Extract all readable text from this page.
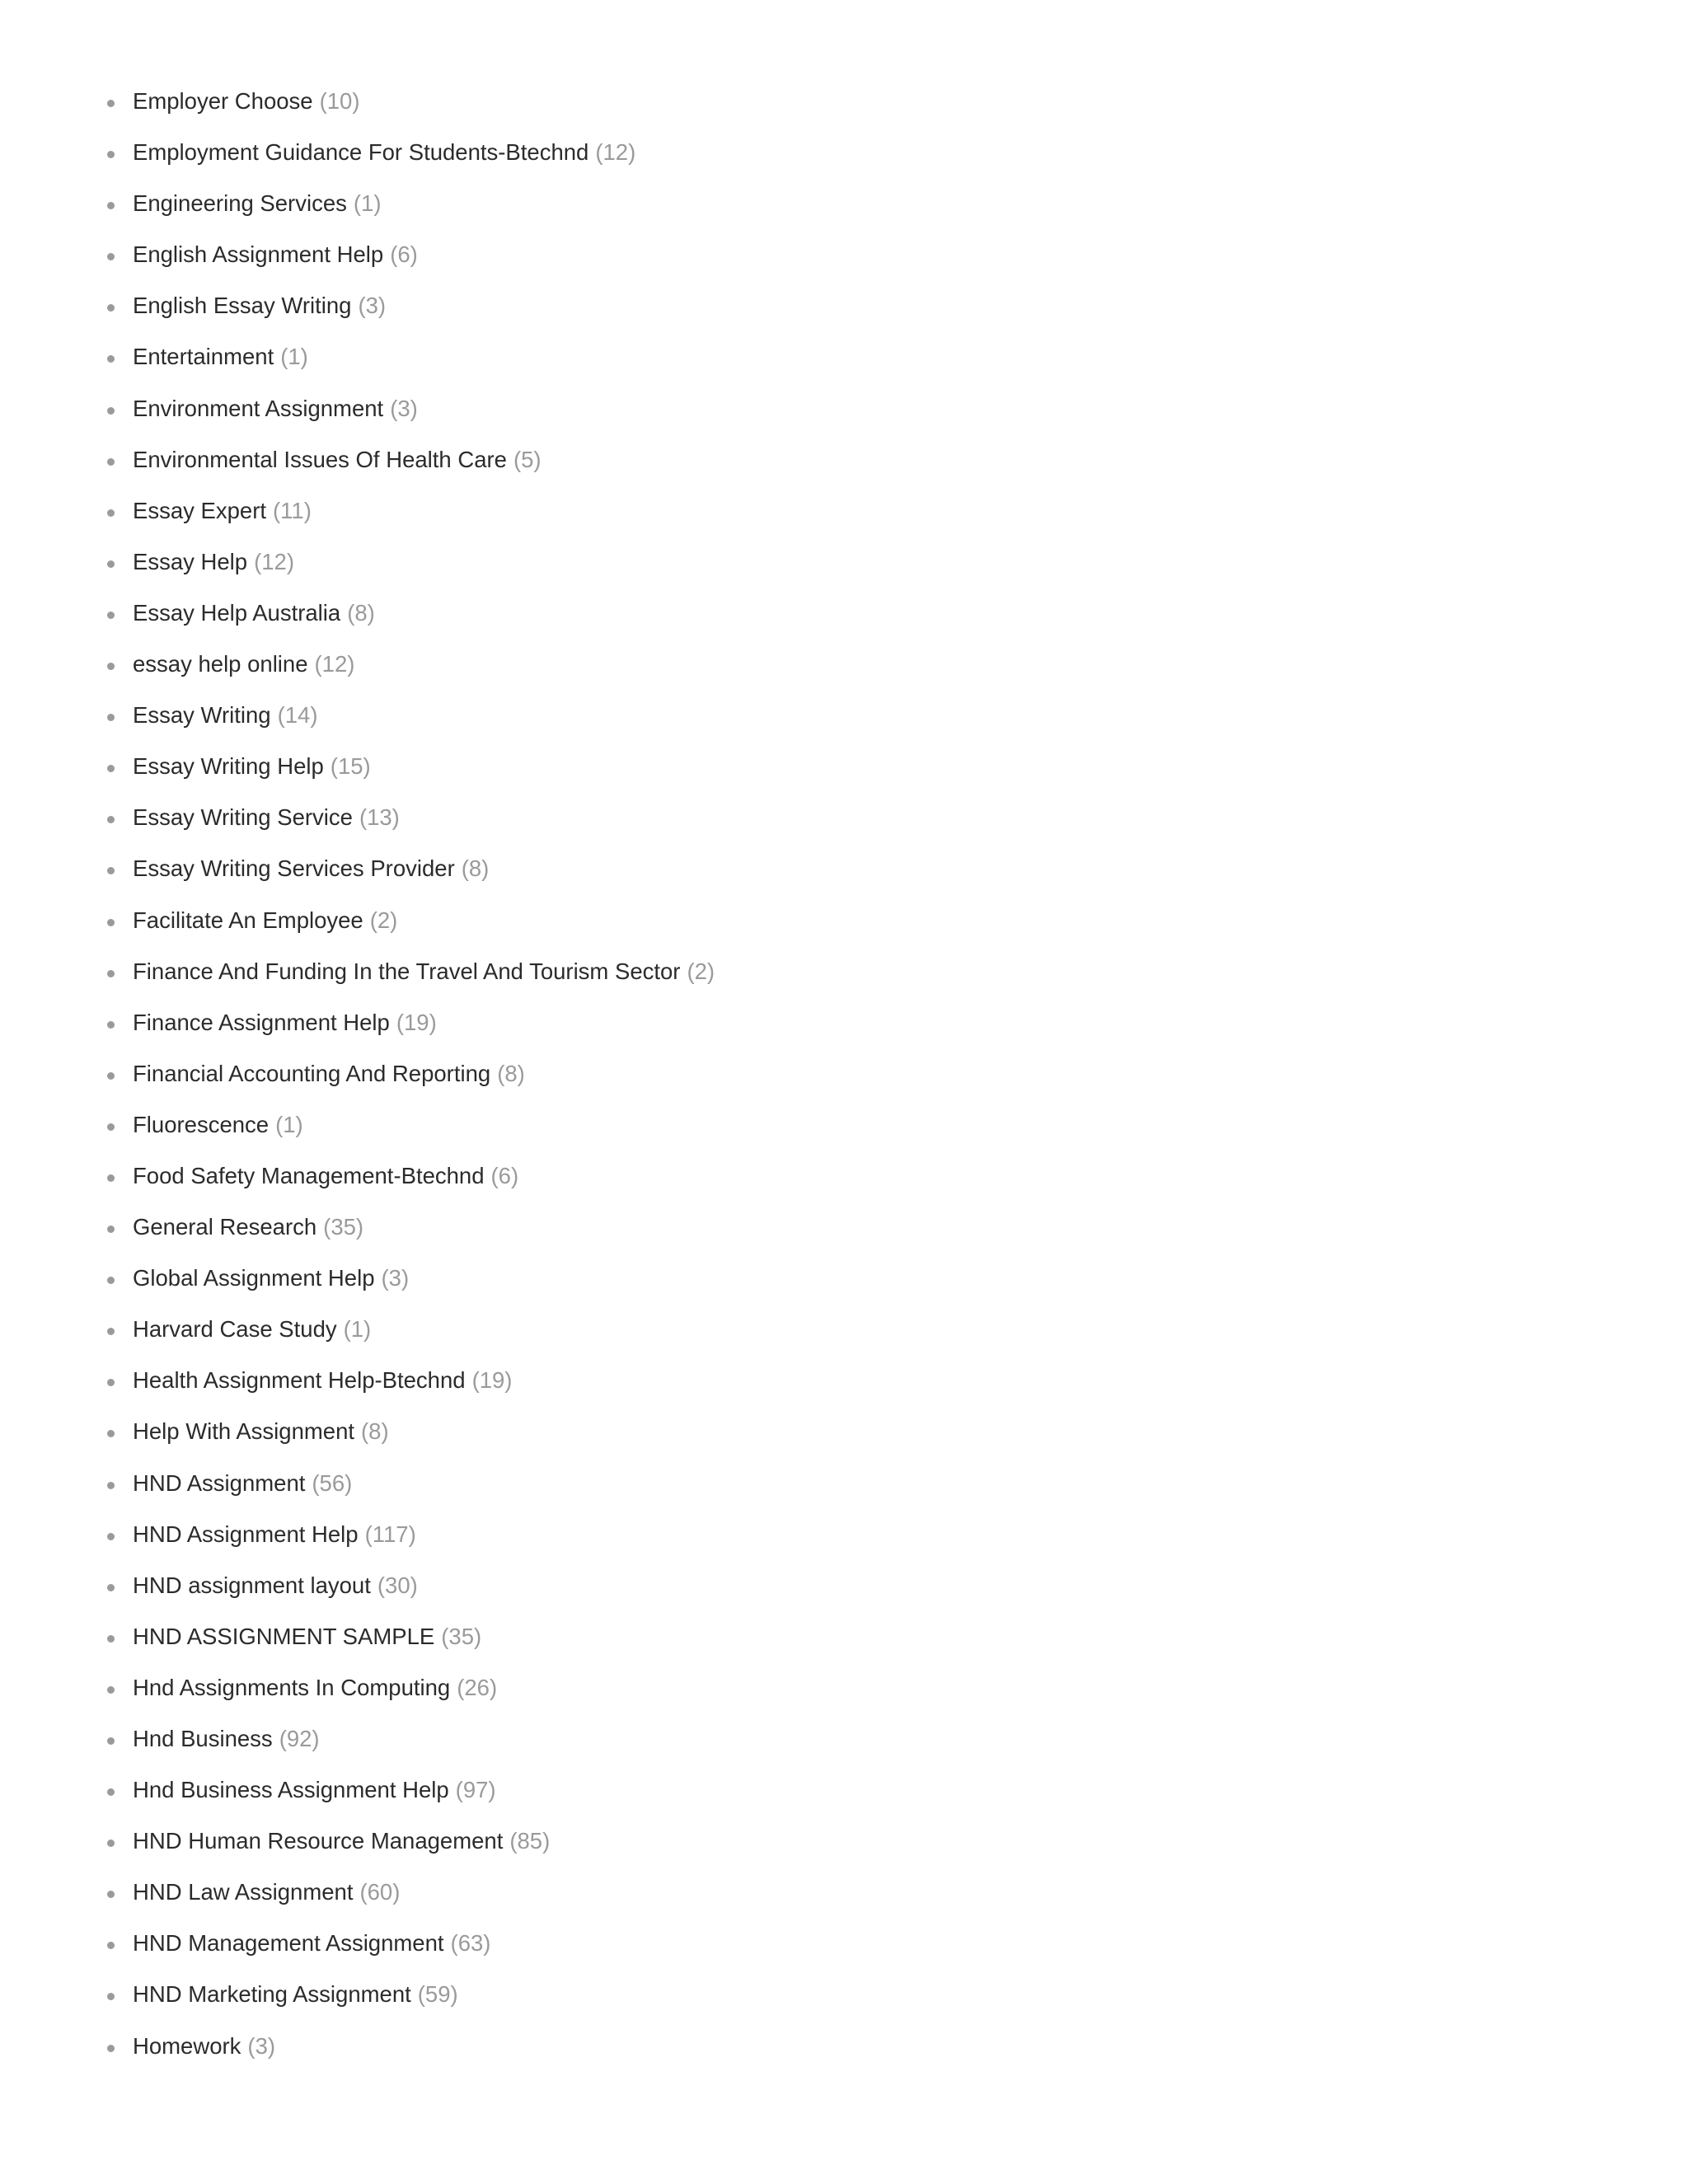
Employer Choose (10)
Employment Guidance For Students-Btechnd (12)
Engineering Services (1)
English Assignment Help (6)
English Essay Writing (3)
Entertainment (1)
Environment Assignment (3)
Environmental Issues Of Health Care (5)
Essay Expert (11)
Essay Help (12)
Essay Help Australia (8)
essay help online (12)
Essay Writing (14)
Essay Writing Help (15)
Essay Writing Service (13)
Essay Writing Services Provider (8)
Facilitate An Employee (2)
Finance And Funding In the Travel And Tourism Sector (2)
Finance Assignment Help (19)
Financial Accounting And Reporting (8)
Fluorescence (1)
Food Safety Management-Btechnd (6)
General Research (35)
Global Assignment Help (3)
Harvard Case Study (1)
Health Assignment Help-Btechnd (19)
Help With Assignment (8)
HND Assignment (56)
HND Assignment Help (117)
HND assignment layout (30)
HND ASSIGNMENT SAMPLE (35)
Hnd Assignments In Computing (26)
Hnd Business (92)
Hnd Business Assignment Help (97)
HND Human Resource Management (85)
HND Law Assignment (60)
HND Management Assignment (63)
HND Marketing Assignment (59)
Homework (3)
